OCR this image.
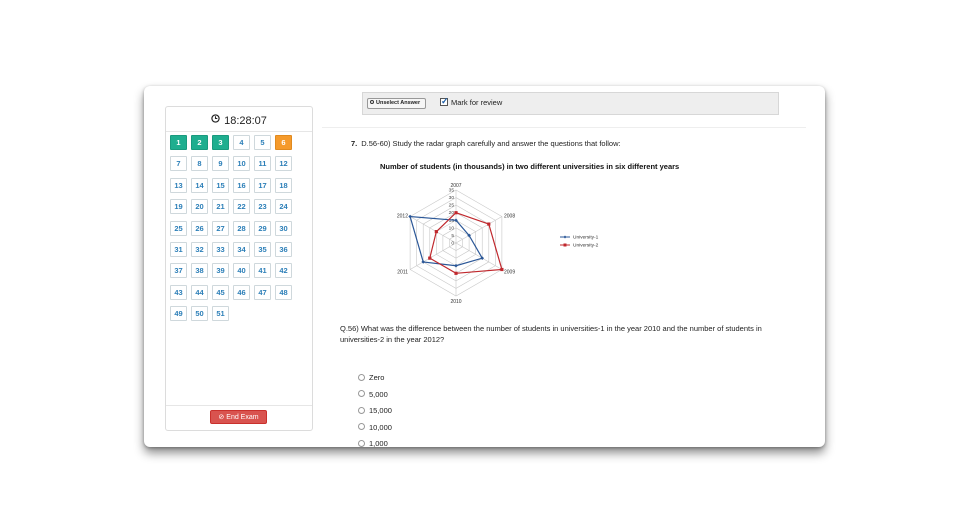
18:28:07
1	2	3	4	5	6
7	8	9	10	11	12
13	14	15	16	17	18
19	20	21	22	23	24
25	26	27	28	29	30
31	32	33	34	35	36
37	38	39	40	41	42
43	44	45	46	47	48
49	50	51
⊘ End Exam
Unselect Answer
✓	Mark for review
7. D.56-60) Study the radar graph carefully and answer the questions that follow:
Number of students (in thousands) in two different universities in six different years
0
5
10
15
20
25
30
35
2007
2008
2009
2010
2011
2012
University-1
University-2
Q.56) What was the difference between the number of students in universities-1 in the year 2010 and the number of students in universities-2 in the year 2012?
Zero
5,000
15,000
10,000
1,000
